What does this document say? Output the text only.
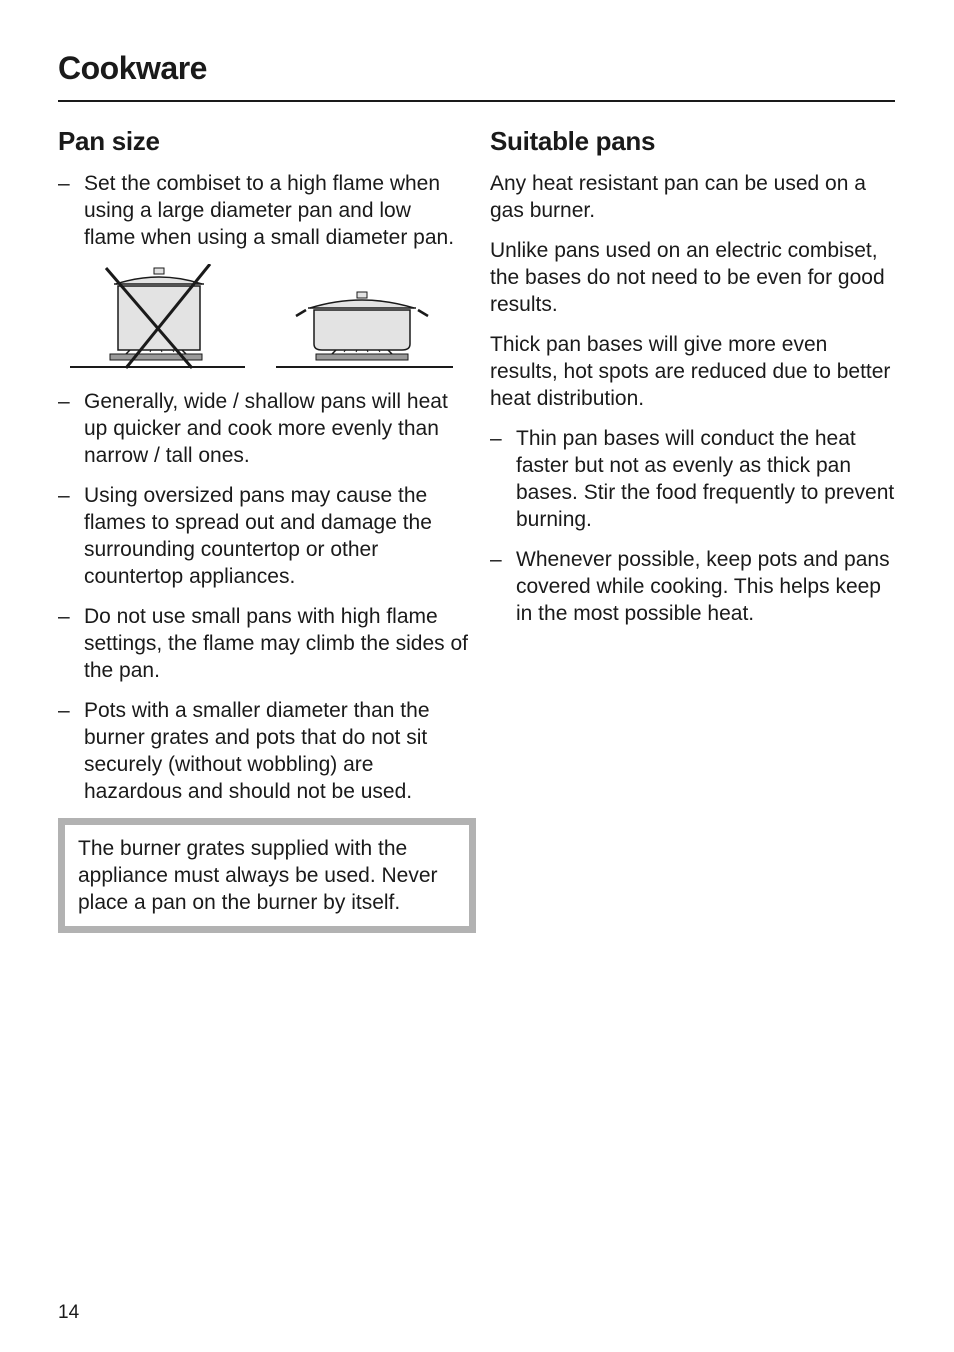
Cookware
Pan size
– Set the combiset to a high flame when using a large diameter pan and low flame when using a small diameter pan.
– Generally, wide / shallow pans will heat up quicker and cook more evenly than narrow / tall ones.
– Using oversized pans may cause the flames to spread out and damage the surrounding countertop or other countertop appliances.
– Do not use small pans with high flame settings, the flame may climb the sides of the pan.
– Pots with a smaller diameter than the burner grates and pots that do not sit securely (without wobbling) are hazardous and should not be used.
The burner grates supplied with the appliance must always be used. Never place a pan on the burner by itself.
Suitable pans

Any heat resistant pan can be used on a gas burner.

Unlike pans used on an electric combiset, the bases do not need to be even for good results.

Thick pan bases will give more even results, hot spots are reduced due to better heat distribution.

– Thin pan bases will conduct the heat faster but not as evenly as thick pan bases. Stir the food frequently to prevent burning.
– Whenever possible, keep pots and pans covered while cooking. This helps keep in the most possible heat.
14
